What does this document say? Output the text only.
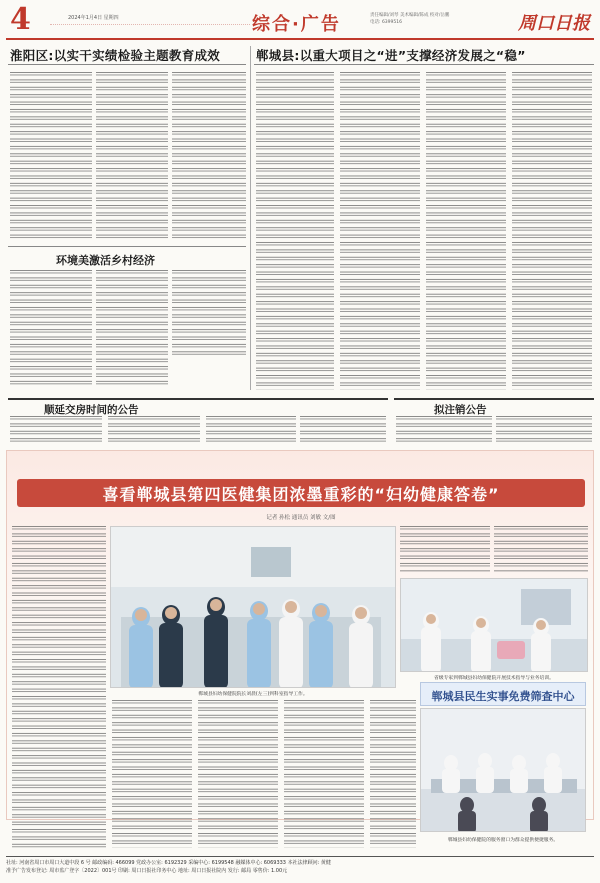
4	2024年1月4日 星期四	综合·广告	责任编辑/刘琴 美术编辑/陈成 校对/岳鹏
电话: 6399516	周口日报
淮阳区:以实干实绩检验主题教育成效
环境美激活乡村经济
郸城县:以重大项目之“进”支撑经济发展之“稳”
顺延交房时间的公告	拟注销公告
喜看郸城县第四医健集团浓墨重彩的“妇幼健康答卷”
记者 孙松 通讯员 刘敏 文/图
郸城县妇幼保健院院长刘晨(左三)到科室指导工作。
省级专家到郸城县妇幼保健院开展技术指导与业务培训。
郸城县民生实事免费筛查中心
郸城县妇幼保健院的服务窗口为群众提供便捷服务。
社址: 河南省周口市周口大道中段 6 号 邮政编码: 466099 党政办公室: 6192329 采编中心: 6199548 融媒体中心: 6069333 本社法律顾问: 黄健
准予广告发布登记: 周市监广登字〔2022〕001号 印刷: 周口日报社印务中心 地址: 周口日报社院内 发行: 邮局 零售价: 1.00元
